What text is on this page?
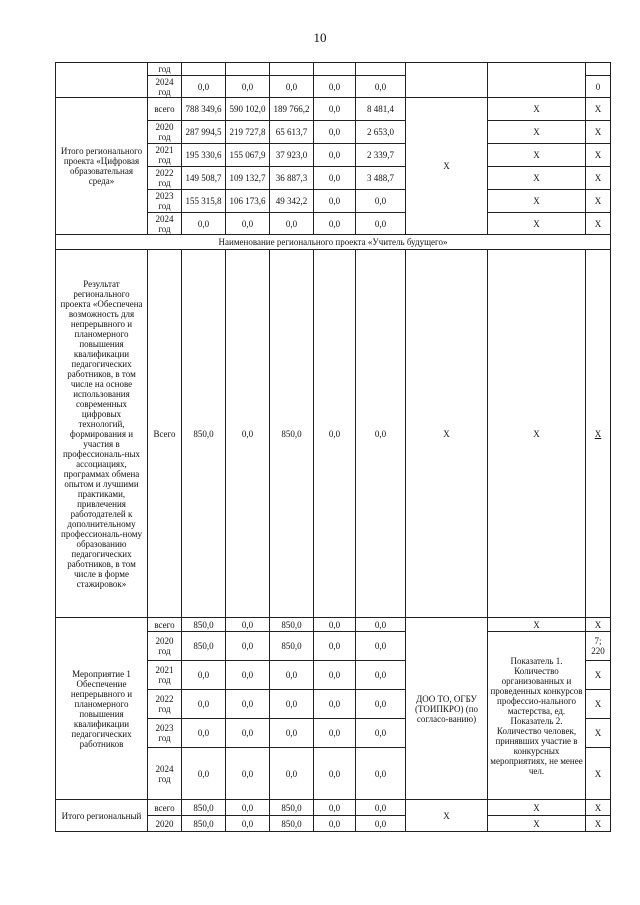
10
	год								
	2024 год	0,0	0,0	0,0	0,0	0,0			0
Итого регионального проекта «Цифровая образовательная среда»	всего	788 349,6	590 102,0	189 766,2	0,0	8 481,4	Х	Х	Х
	2020 год	287 994,5	219 727,8	65 613,7	0,0	2 653,0		Х	Х
	2021 год	195 330,6	155 067,9	37 923,0	0,0	2 339,7		Х	Х
	2022 год	149 508,7	109 132,7	36 887,3	0,0	3 488,7		Х	Х
	2023 год	155 315,8	106 173,6	49 342,2	0,0	0,0		Х	Х
	2024 год	0,0	0,0	0,0	0,0	0,0		Х	Х
Наименование регионального проекта «Учитель будущего»									
Результат регионального проекта «Обеспечена возможность для непрерывного и планомерного повышения квалификации педагогических работников, в том числе на основе использования современных цифровых технологий, формирования и участия в профессиональ-ных ассоциациях, программах обмена опытом и лучшими практиками, привлечения работодателей к дополнительному профессиональ-ному образованию педагогических работников, в том числе в форме стажировок»	Всего	850,0	0,0	850,0	0,0	0,0	Х	Х	Х
Мероприятие 1 Обеспечение непрерывного и планомерного повышения квалификации педагогических работников	всего	850,0	0,0	850,0	0,0	0,0	ДОО ТО, ОГБУ (ТОИПКРО) (по согласо-ванию)	Х	Х
	2020 год	850,0	0,0	850,0	0,0	0,0		Показатель 1. Количество организованных и проведенных конкурсов профессио-нального мастерства, ед. Показатель 2. Количество человек, принявших участие в конкурсных мероприятиях, не менее чел.	7; 220
	2021 год	0,0	0,0	0,0	0,0	0,0			Х
	2022 год	0,0	0,0	0,0	0,0	0,0			Х
	2023 год	0,0	0,0	0,0	0,0	0,0			Х
	2024 год	0,0	0,0	0,0	0,0	0,0			Х
Итого региональный	всего	850,0	0,0	850,0	0,0	0,0	Х	Х	Х
	2020	850,0	0,0	850,0	0,0	0,0		Х	Х
